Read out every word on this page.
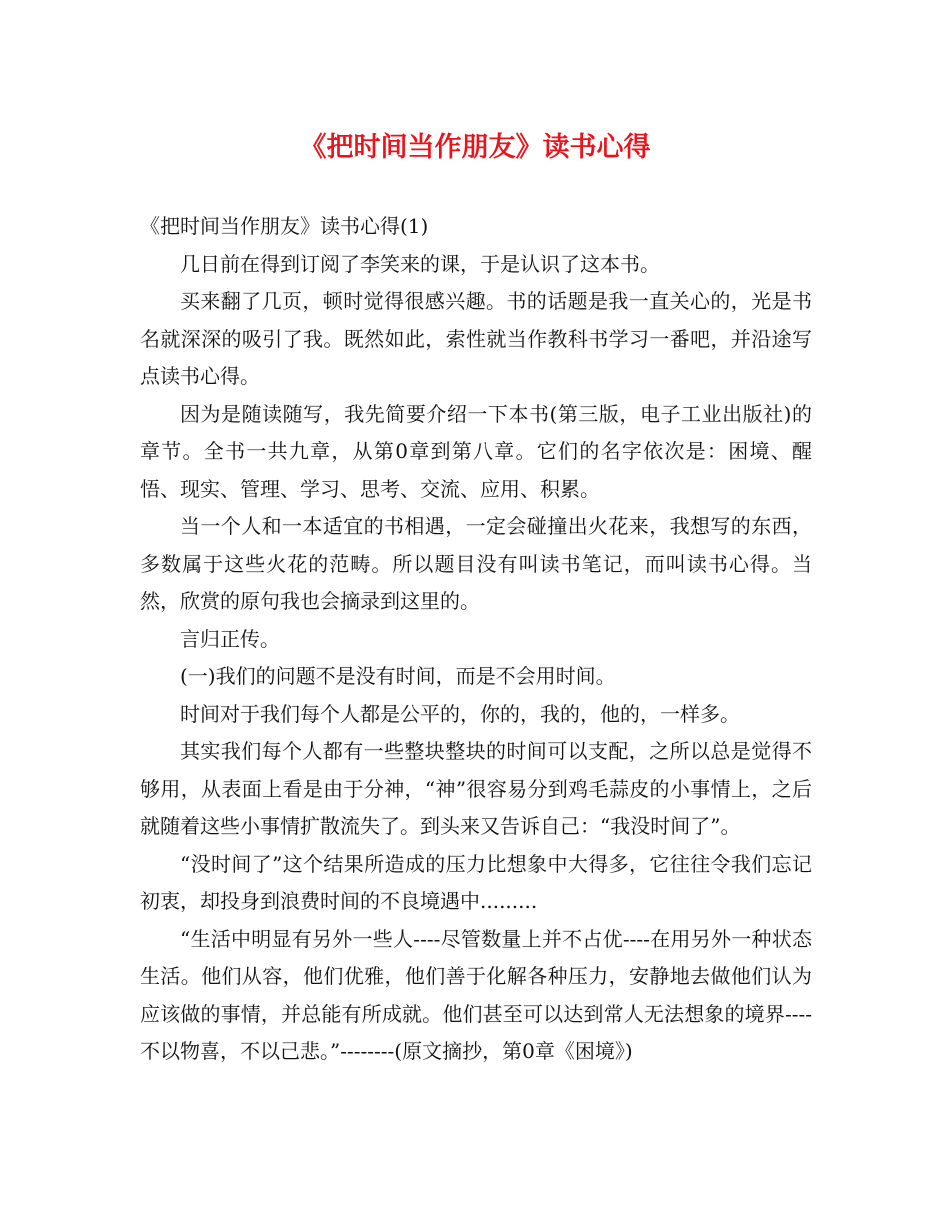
《把时间当作朋友》读书心得

《把时间当作朋友》读书心得(1)

几日前在得到订阅了李笑来的课，于是认识了这本书。

买来翻了几页，顿时觉得很感兴趣。书的话题是我一直关心的，光是书名就深深的吸引了我。既然如此，索性就当作教科书学习一番吧，并沿途写点读书心得。

因为是随读随写，我先简要介绍一下本书(第三版，电子工业出版社)的章节。全书一共九章，从第0章到第八章。它们的名字依次是：困境、醒悟、现实、管理、学习、思考、交流、应用、积累。

当一个人和一本适宜的书相遇，一定会碰撞出火花来，我想写的东西，多数属于这些火花的范畴。所以题目没有叫读书笔记，而叫读书心得。当然，欣赏的原句我也会摘录到这里的。

言归正传。

(一)我们的问题不是没有时间，而是不会用时间。

时间对于我们每个人都是公平的，你的，我的，他的，一样多。

其实我们每个人都有一些整块整块的时间可以支配，之所以总是觉得不够用，从表面上看是由于分神，“神”很容易分到鸡毛蒜皮的小事情上，之后就随着这些小事情扩散流失了。到头来又告诉自己：“我没时间了”。

“没时间了”这个结果所造成的压力比想象中大得多，它往往令我们忘记初衷，却投身到浪费时间的不良境遇中.........

“生活中明显有另外一些人----尽管数量上并不占优----在用另外一种状态生活。他们从容，他们优雅，他们善于化解各种压力，安静地去做他们认为应该做的事情，并总能有所成就。他们甚至可以达到常人无法想象的境界----不以物喜，不以己悲。”--------(原文摘抄，第0章《困境》)
